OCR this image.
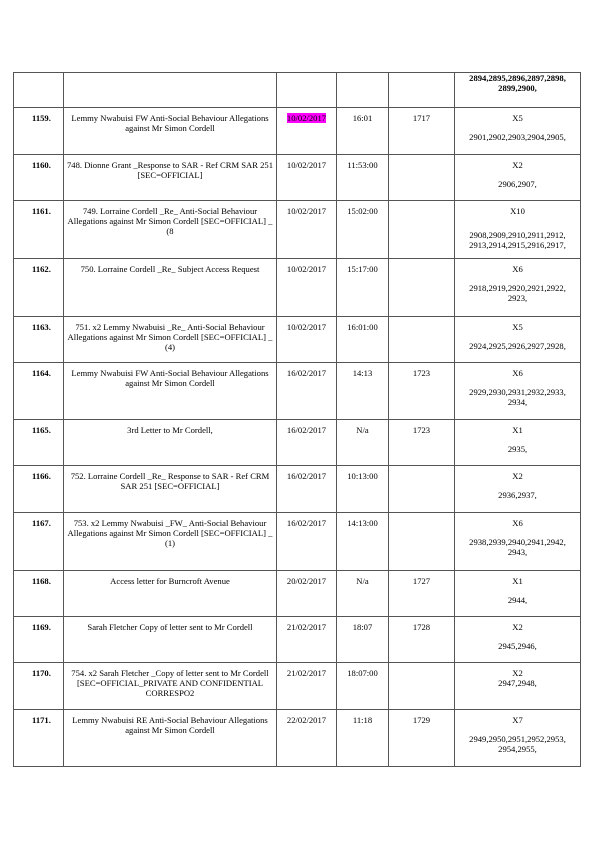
					2894,2895,2896,2897,2898,
2899,2900,

1159.	Lemmy Nwabuisi FW Anti-Social Behaviour Allegations against Mr Simon Cordell	10/02/2017	16:01	1717	X5
2901,2902,2903,2904,2905,

1160.	748. Dionne Grant _Response to SAR - Ref CRM SAR 251 [SEC=OFFICIAL]	10/02/2017	11:53:00		X2
2906,2907,

1161.	749. Lorraine Cordell _Re_ Anti-Social Behaviour Allegations against Mr Simon Cordell [SEC=OFFICIAL] _ (8	10/02/2017	15:02:00		X10
2908,2909,2910,2911,2912,
2913,2914,2915,2916,2917,

1162.	750. Lorraine Cordell _Re_ Subject Access Request	10/02/2017	15:17:00		X6
2918,2919,2920,2921,2922,
2923,

1163.	751. x2 Lemmy Nwabuisi _Re_ Anti-Social Behaviour Allegations against Mr Simon Cordell [SEC=OFFICIAL] _ (4)	10/02/2017	16:01:00		X5
2924,2925,2926,2927,2928,

1164.	Lemmy Nwabuisi FW Anti-Social Behaviour Allegations against Mr Simon Cordell	16/02/2017	14:13	1723	X6
2929,2930,2931,2932,2933,
2934,

1165.	3rd Letter to Mr Cordell,	16/02/2017	N/a	1723	X1
2935,

1166.	752. Lorraine Cordell _Re_ Response to SAR - Ref CRM SAR 251 [SEC=OFFICIAL]	16/02/2017	10:13:00		X2
2936,2937,

1167.	753. x2 Lemmy Nwabuisi _FW_ Anti-Social Behaviour Allegations against Mr Simon Cordell [SEC=OFFICIAL] _ (1)	16/02/2017	14:13:00		X6
2938,2939,2940,2941,2942,
2943,

1168.	Access letter for Burncroft Avenue	20/02/2017	N/a	1727	X1
2944,

1169.	Sarah Fletcher Copy of letter sent to Mr Cordell	21/02/2017	18:07	1728	X2
2945,2946,

1170.	754. x2 Sarah Fletcher _Copy of letter sent to Mr Cordell [SEC=OFFICIAL_PRIVATE AND CONFIDENTIAL CORRESPO2	21/02/2017	18:07:00		X2
2947,2948,

1171.	Lemmy Nwabuisi RE Anti-Social Behaviour Allegations against Mr Simon Cordell	22/02/2017	11:18	1729	X7
2949,2950,2951,2952,2953,
2954,2955,
